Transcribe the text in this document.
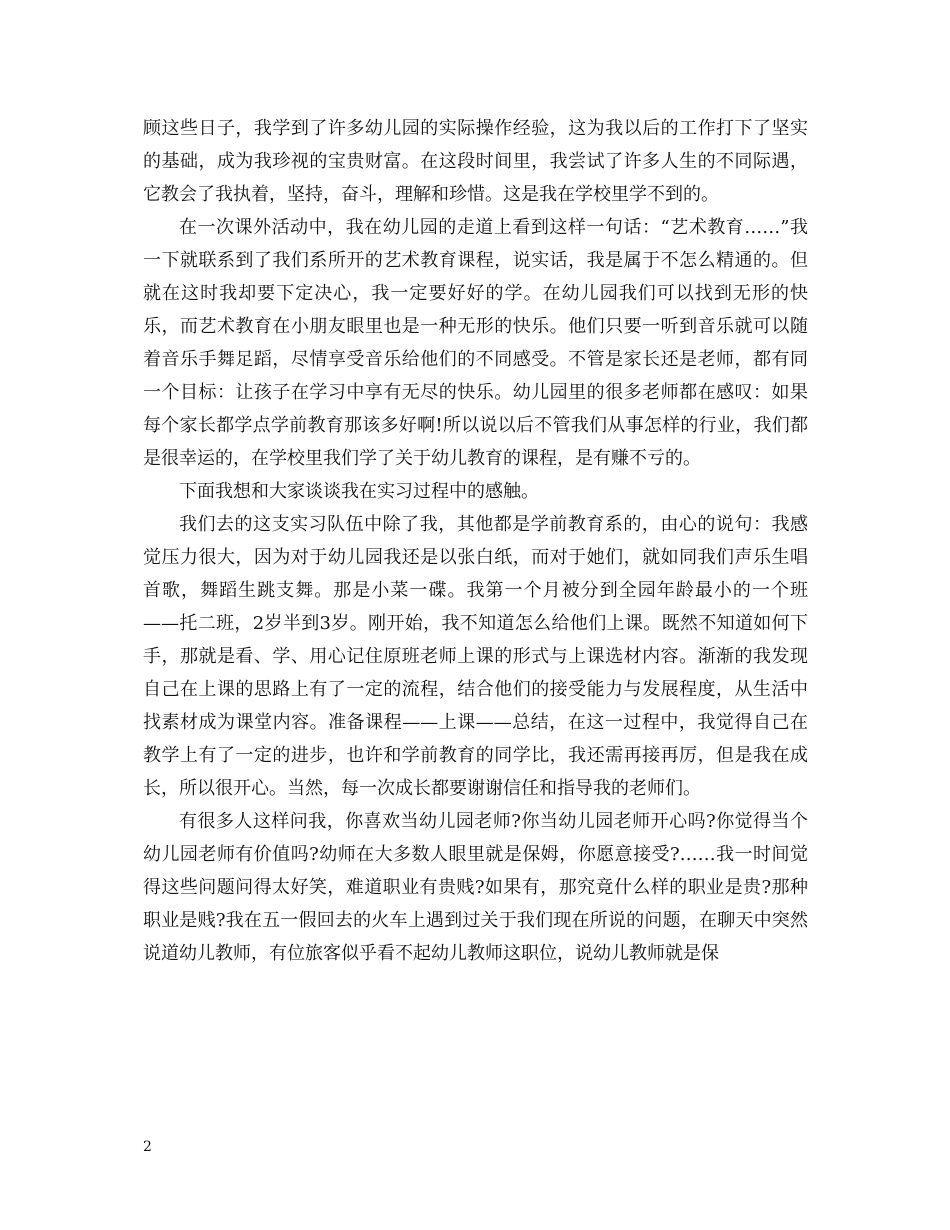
顾这些日子，我学到了许多幼儿园的实际操作经验，这为我以后的工作打下了坚实的基础，成为我珍视的宝贵财富。在这段时间里，我尝试了许多人生的不同际遇，它教会了我执着，坚持，奋斗，理解和珍惜。这是我在学校里学不到的。

在一次课外活动中，我在幼儿园的走道上看到这样一句话：“艺术教育……”我一下就联系到了我们系所开的艺术教育课程，说实话，我是属于不怎么精通的。但就在这时我却要下定决心，我一定要好好的学。在幼儿园我们可以找到无形的快乐，而艺术教育在小朋友眼里也是一种无形的快乐。他们只要一听到音乐就可以随着音乐手舞足蹈，尽情享受音乐给他们的不同感受。不管是家长还是老师，都有同一个目标：让孩子在学习中享有无尽的快乐。幼儿园里的很多老师都在感叹：如果每个家长都学点学前教育那该多好啊!所以说以后不管我们从事怎样的行业，我们都是很幸运的，在学校里我们学了关于幼儿教育的课程，是有赚不亏的。

下面我想和大家谈谈我在实习过程中的感触。

我们去的这支实习队伍中除了我，其他都是学前教育系的，由心的说句：我感觉压力很大，因为对于幼儿园我还是以张白纸，而对于她们，就如同我们声乐生唱首歌，舞蹈生跳支舞。那是小菜一碟。我第一个月被分到全园年龄最小的一个班——托二班，2岁半到3岁。刚开始，我不知道怎么给他们上课。既然不知道如何下手，那就是看、学、用心记住原班老师上课的形式与上课选材内容。渐渐的我发现自己在上课的思路上有了一定的流程，结合他们的接受能力与发展程度，从生活中找素材成为课堂内容。准备课程——上课——总结，在这一过程中，我觉得自己在教学上有了一定的进步，也许和学前教育的同学比，我还需再接再厉，但是我在成长，所以很开心。当然，每一次成长都要谢谢信任和指导我的老师们。

有很多人这样问我，你喜欢当幼儿园老师?你当幼儿园老师开心吗?你觉得当个幼儿园老师有价值吗?幼师在大多数人眼里就是保姆，你愿意接受?……我一时间觉得这些问题问得太好笑，难道职业有贵贱?如果有，那究竟什么样的职业是贵?那种职业是贱?我在五一假回去的火车上遇到过关于我们现在所说的问题，在聊天中突然说道幼儿教师，有位旅客似乎看不起幼儿教师这职位，说幼儿教师就是保

2
